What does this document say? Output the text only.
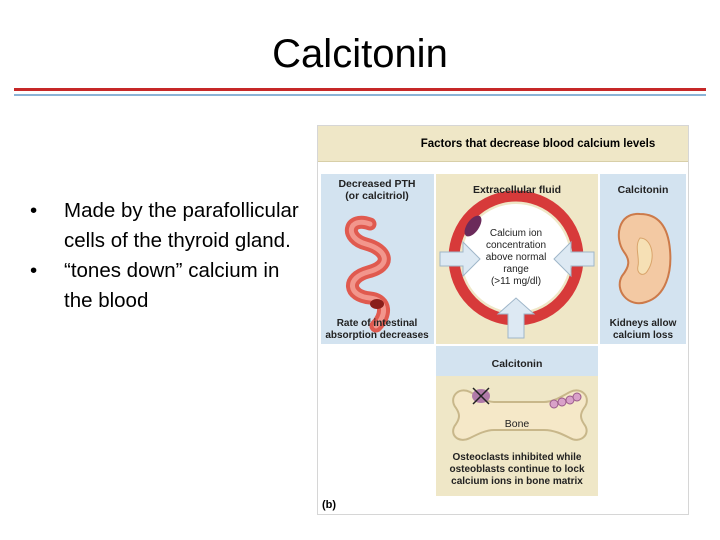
Calcitonin
• Made by the parafollicular cells of the thyroid gland.
• “tones down” calcium in the blood
Factors that decrease blood calcium levels
Decreased PTH
(or calcitriol)	Extracellular fluid	Calcitonin
Calcium ion
concentration
above normal
range
(>11 mg/dl)
Rate of intestinal
absorption decreases
Kidneys allow
calcium loss
Calcitonin
Bone
Osteoclasts inhibited while
osteoblasts continue to lock
calcium ions in bone matrix
(b)
